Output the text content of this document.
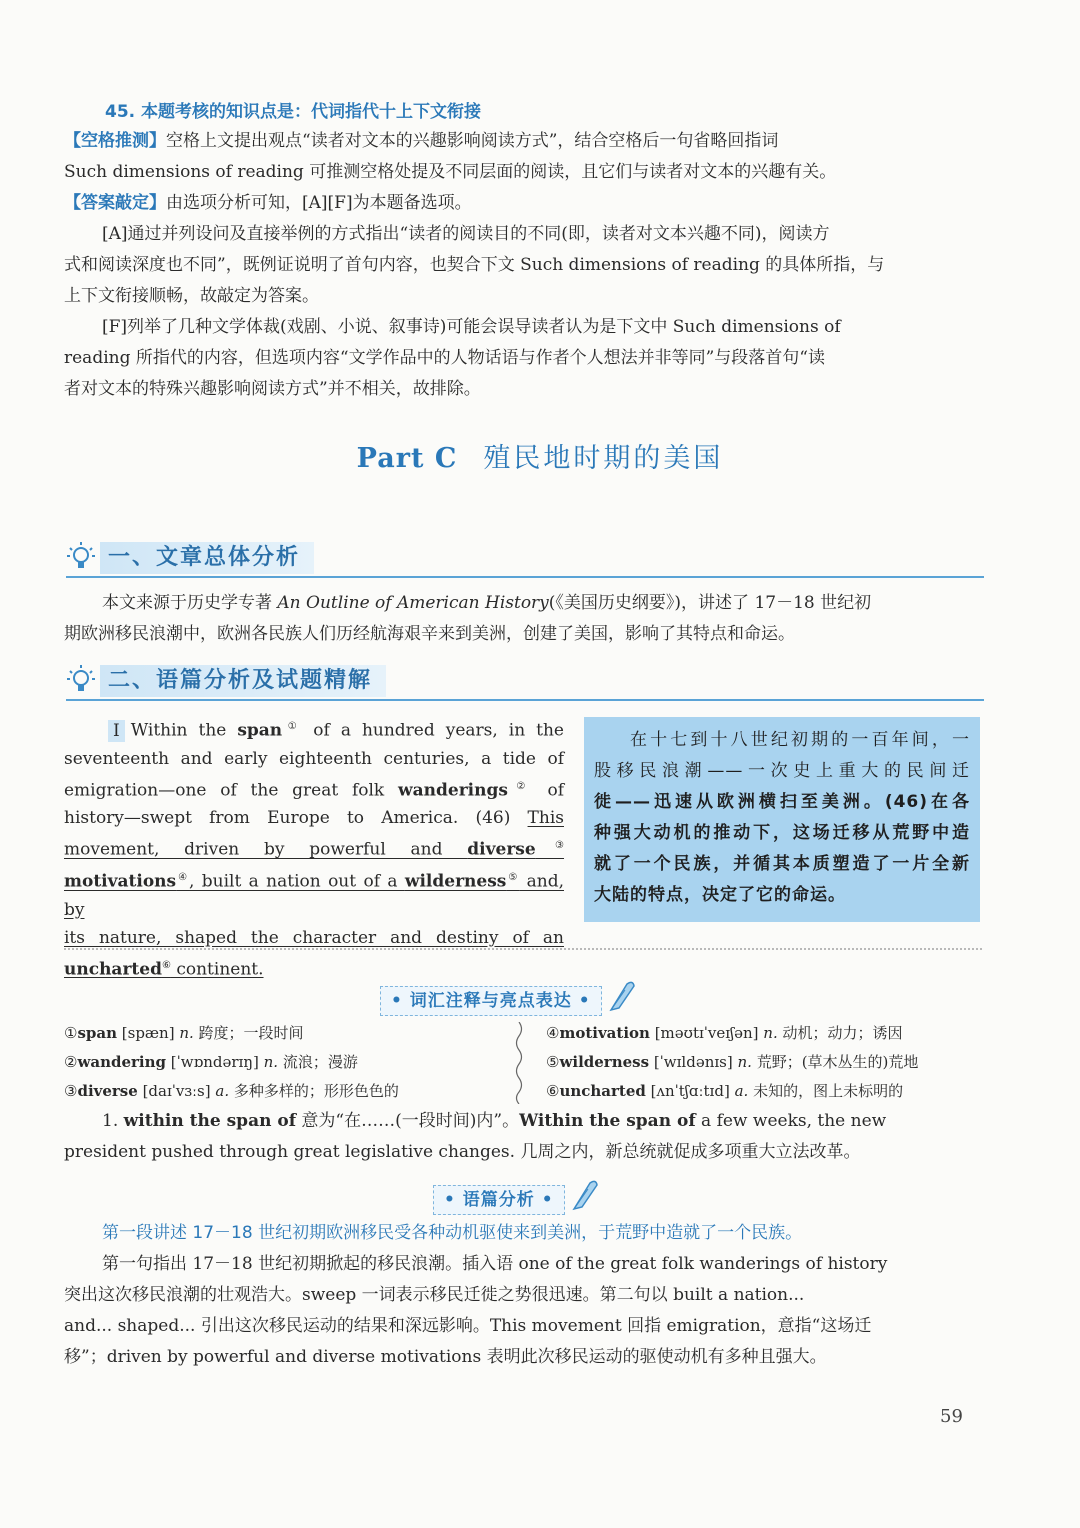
45. 本题考核的知识点是：代词指代十上下文衔接
【空格推测】空格上文提出观点“读者对文本的兴趣影响阅读方式”，结合空格后一句省略回指词
Such dimensions of reading 可推测空格处提及不同层面的阅读，且它们与读者对文本的兴趣有关。
【答案敲定】由选项分析可知，[A][F]为本题备选项。
[A]通过并列设问及直接举例的方式指出“读者的阅读目的不同(即，读者对文本兴趣不同)，阅读方
式和阅读深度也不同”，既例证说明了首句内容，也契合下文 Such dimensions of reading 的具体所指，与
上下文衔接顺畅，故敲定为答案。
[F]列举了几种文学体裁(戏剧、小说、叙事诗)可能会误导读者认为是下文中 Such dimensions of
reading 所指代的内容，但选项内容“文学作品中的人物话语与作者个人想法并非等同”与段落首句“读
者对文本的特殊兴趣影响阅读方式”并不相关，故排除。
Part C 殖民地时期的美国
一、文章总体分析
本文来源于历史学专著 An Outline of American History(《美国历史纲要》)，讲述了 17－18 世纪初
期欧洲移民浪潮中，欧洲各民族人们历经航海艰辛来到美洲，创建了美国，影响了其特点和命运。
二、语篇分析及试题精解
I Within the span① of a hundred years, in the
seventeenth and early eighteenth centuries, a tide of
emigration—one of the great folk wanderings② of
history—swept from Europe to America. (46) This
movement, driven by powerful and diverse③
motivations④, built a nation out of a wilderness⑤ and, by
its nature, shaped the character and destiny of an
uncharted⑥ continent.
在十七到十八世纪初期的一百年间，一
股移民浪潮——一次史上重大的民间迁
徙——迅速从欧洲横扫至美洲。(46)在各
种强大动机的推动下，这场迁移从荒野中造
就了一个民族，并循其本质塑造了一片全新
大陆的特点，决定了它的命运。
• 词汇注释与亮点表达 •
①span [spæn] n. 跨度；一段时间
②wandering [ˈwɒndərɪŋ] n. 流浪；漫游
③diverse [daɪˈvɜːs] a. 多种多样的；形形色色的
④motivation [məʊtɪˈveɪʃən] n. 动机；动力；诱因
⑤wilderness [ˈwɪldənɪs] n. 荒野；(草木丛生的)荒地
⑥uncharted [ʌnˈtʃɑːtɪd] a. 未知的，图上未标明的
1. within the span of 意为“在……(一段时间)内”。Within the span of a few weeks, the new
president pushed through great legislative changes. 几周之内，新总统就促成多项重大立法改革。
• 语篇分析 •
第一段讲述 17－18 世纪初期欧洲移民受各种动机驱使来到美洲，于荒野中造就了一个民族。
第一句指出 17－18 世纪初期掀起的移民浪潮。插入语 one of the great folk wanderings of history
突出这次移民浪潮的壮观浩大。sweep 一词表示移民迁徙之势很迅速。第二句以 built a nation...
and... shaped... 引出这次移民运动的结果和深远影响。This movement 回指 emigration，意指“这场迁
移”；driven by powerful and diverse motivations 表明此次移民运动的驱使动机有多种且强大。
59
